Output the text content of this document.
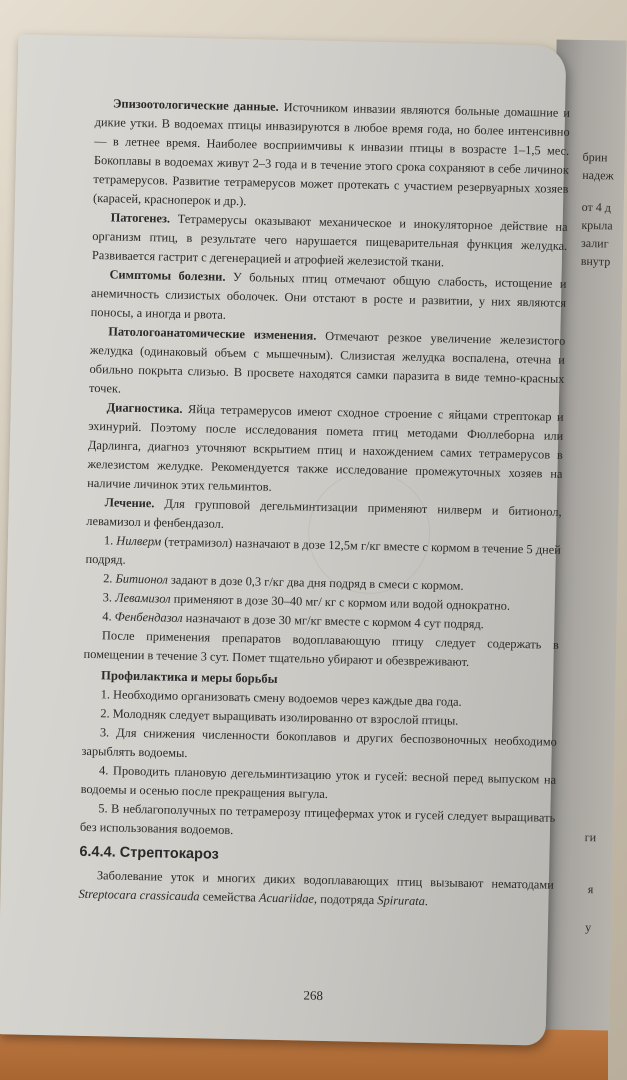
брин
надеж
от 4 д
крыла
залиг
внутр
ги
я
у

Эпизоотологические данные. Источником инвазии являются больные домашние и дикие утки. В водоемах птицы инвазируются в любое время года, но более интенсивно — в летнее время. Наиболее восприимчивы к инвазии птицы в возрасте 1–1,5 мес. Бокоплавы в водоемах живут 2–3 года и в течение этого срока сохраняют в себе личинок тетрамерусов. Развитие тетрамерусов может протекать с участием резервуарных хозяев (карасей, красноперок и др.).

Патогенез. Тетрамерусы оказывают механическое и инокуляторное действие на организм птиц, в результате чего нарушается пищеварительная функция желудка. Развивается гастрит с дегенерацией и атрофией железистой ткани.

Симптомы болезни. У больных птиц отмечают общую слабость, истощение и анемичность слизистых оболочек. Они отстают в росте и развитии, у них являются поносы, а иногда и рвота.

Патологоанатомические изменения. Отмечают резкое увеличение железистого желудка (одинаковый объем с мышечным). Слизистая желудка воспалена, отечна и обильно покрыта слизью. В просвете находятся самки паразита в виде темно-красных точек.

Диагностика. Яйца тетрамерусов имеют сходное строение с яйцами стрептокар и эхинурий. Поэтому после исследования помета птиц методами Фюллеборна или Дарлинга, диагноз уточняют вскрытием птиц и нахождением самих тетрамерусов в железистом желудке. Рекомендуется также исследование промежуточных хозяев на наличие личинок этих гельминтов.

Лечение. Для групповой дегельминтизации применяют нилверм и битионол, левамизол и фенбендазол.

1. Нилверм (тетрамизол) назначают в дозе 12,5м г/кг вместе с кормом в течение 5 дней подряд.

2. Битионол задают в дозе 0,3 г/кг два дня подряд в смеси с кормом.

3. Левамизол применяют в дозе 30–40 мг/ кг с кормом или водой однократно.

4. Фенбендазол назначают в дозе 30 мг/кг вместе с кормом 4 сут подряд.

После применения препаратов водоплавающую птицу следует содержать в помещении в течение 3 сут. Помет тщательно убирают и обезвреживают.

Профилактика и меры борьбы

1. Необходимо организовать смену водоемов через каждые два года.

2. Молодняк следует выращивать изолированно от взрослой птицы.

3. Для снижения численности бокоплавов и других беспозвоночных необходимо зарыблять водоемы.

4. Проводить плановую дегельминтизацию уток и гусей: весной перед выпуском на водоемы и осенью после прекращения выгула.

5. В неблагополучных по тетрамерозу птицефермах уток и гусей следует выращивать без использования водоемов.

6.4.4. Стрептокароз

Заболевание уток и многих диких водоплавающих птиц вызывают нематодами Streptocara crassicauda семейства Acuariidae, подотряда Spirurata.

268
